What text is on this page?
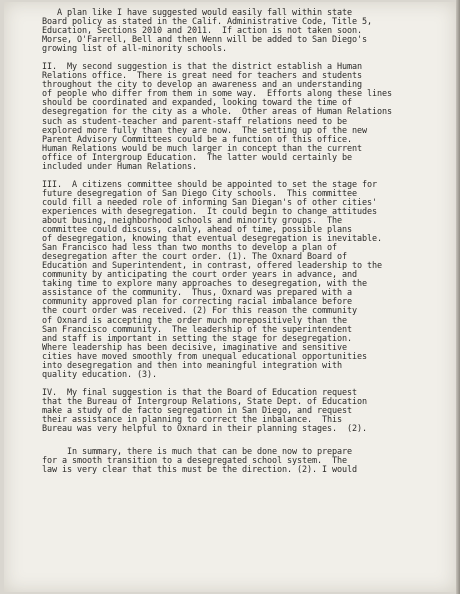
A plan like I have suggested would easily fall within state
Board policy as stated in the Calif. Administrative Code, Title 5,
Education, Sections 2010 and 2011.  If action is not taken soon.
Morse, O'Farrell, Bell and then Wenn will be added to San Diego's
growing list of all-minority schools.
II.  My second suggestion is that the district establish a Human
Relations office.  There is great need for teachers and students
throughout the city to develop an awareness and an understanding
of people who differ from them in some way.  Efforts along these lines
should be coordinated and expanded, looking toward the time of
desegregation for the city as a whole.  Other areas of Human Relations
such as student-teacher and parent-staff relations need to be
explored more fully than they are now.  The setting up of the new
Parent Advisory Committees could be a function of this office.
Human Relations would be much larger in concept than the current
office of Intergroup Education.  The latter would certainly be
included under Human Relations.
III.  A citizens committee should be appointed to set the stage for
future desegregation of San Diego City schools.  This committee
could fill a needed role of informing San Diegan's of other cities'
experiences with desegregation.  It could begin to change attitudes
about busing, neighborhood schools and minority groups.  The
committee could discuss, calmly, ahead of time, possible plans
of desegregation, knowing that eventual desegregation is inevitable.
San Francisco had less than two months to develop a plan of
desegregation after the court order. (1). The Oxnard Board of
Education and Superintendent, in contrast, offered leadership to the
community by anticipating the court order years in advance, and
taking time to explore many approaches to desegregation, with the
assistance of the community.  Thus, Oxnard was prepared with a
community approved plan for correcting racial imbalance before
the court order was received. (2) For this reason the community
of Oxnard is accepting the order much morepositively than the
San Francisco community.  The leadership of the superintendent
and staff is important in setting the stage for desegregation.
Where leadership has been decisive, imaginative and sensitive
cities have moved smoothly from unequal educational opportunities
into desegregation and then into meaningful integration with
quality education. (3).
IV.  My final suggestion is that the Board of Education request
that the Bureau of Intergroup Relations, State Dept. of Education
make a study of de facto segregation in San Diego, and request
their assistance in planning to correct the inbalance.  This
Bureau was very helpful to Oxnard in their planning stages.  (2).
In summary, there is much that can be done now to prepare
for a smooth transition to a desegregated school system.  The
law is very clear that this must be the direction. (2). I would
